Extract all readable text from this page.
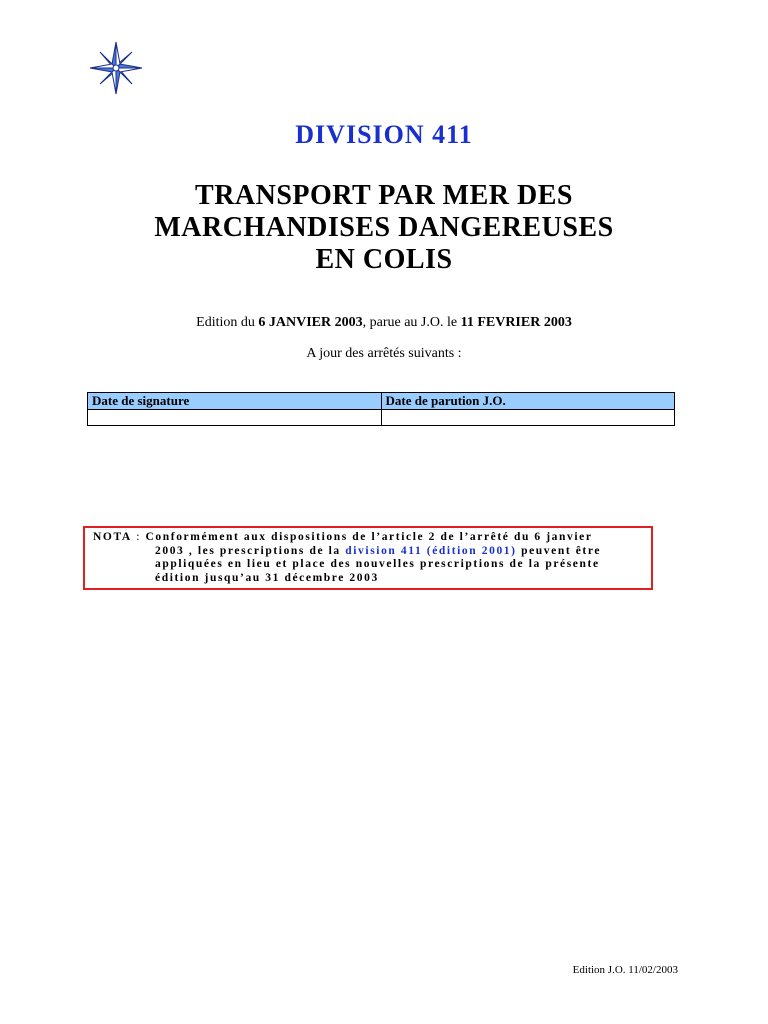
DIVISION 411
TRANSPORT PAR MER DES
MARCHANDISES DANGEREUSES
EN COLIS
Edition du 6 JANVIER 2003, parue au J.O. le 11 FEVRIER 2003
A jour des arrêtés suivants :
Date de signature	Date de parution J.O.

NOTA : Conformément aux dispositions de l’article 2 de l’arrêté du 6 janvier
2003 , les prescriptions de la division 411 (édition 2001) peuvent être
appliquées en lieu et place des nouvelles prescriptions de la présente
édition jusqu’au 31 décembre 2003
Edition J.O. 11/02/2003
